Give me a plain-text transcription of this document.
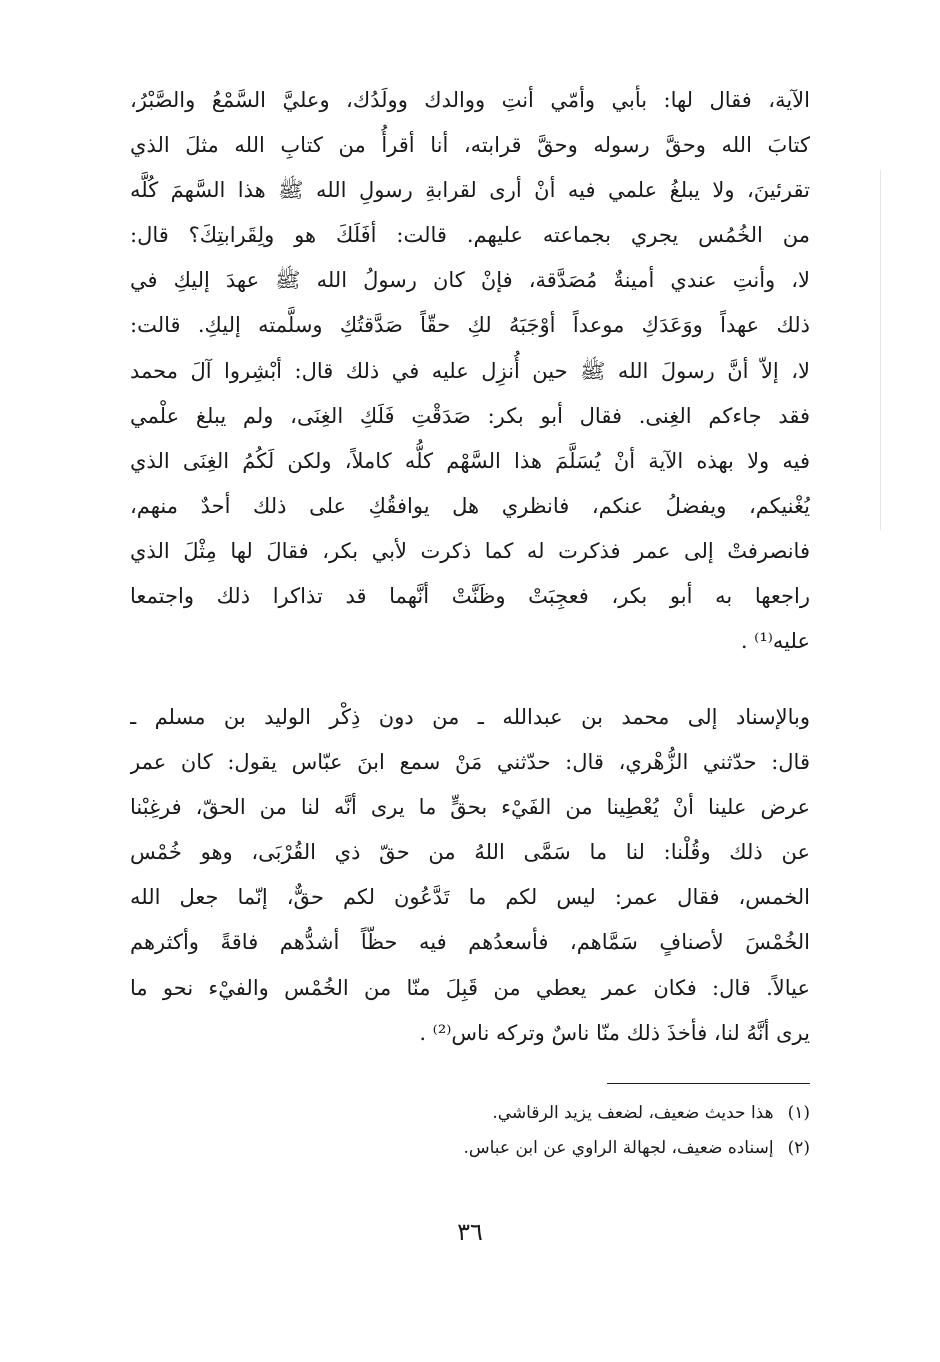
الآية، فقال لها: بأبي وأمّي أنتِ ووالدك وولَدُك، وعليَّ السَّمْعُ والصَّبْرُ،
كتابَ الله وحقَّ رسوله وحقَّ قرابته، أنا أقرأُ من كتابِ الله مثلَ الذي
تقرئينَ، ولا يبلغُ علمي فيه أنْ أرى لقرابةِ رسولِ الله ﷺ هذا السَّهمَ كُلَّه
من الخُمُس يجري بجماعته عليهم. قالت: أفَلَكَ هو ولِقَرابتِكَ؟ قال:
لا، وأنتِ عندي أمينةٌ مُصَدَّقة، فإنْ كان رسولُ الله ﷺ عهدَ إليكِ في
ذلك عهداً ووَعَدَكِ موعداً أوْجَبَهُ لكِ حقّاً صَدَّقتُكِ وسلَّمته إليكِ. قالت:
لا، إلاّ أنَّ رسولَ الله ﷺ حين أُنزِل عليه في ذلك قال: أبْشِروا آلَ محمد
فقد جاءكم الغِنى. فقال أبو بكر: صَدَقْتِ فَلَكِ الغِنَى، ولم يبلغ علْمي
فيه ولا بهذه الآية أنْ يُسَلَّمَ هذا السَّهْم كلُّه كاملاً، ولكن لَكُمُ الغِنَى الذي
يُغْنيكم، ويفضلُ عنكم، فانظري هل يوافقُكِ على ذلك أحدٌ منهم،
فانصرفتْ إلى عمر فذكرت له كما ذكرت لأبي بكر، فقالَ لها مِثْلَ الذي
راجعها به أبو بكر، فعجِبَتْ وظَنَّتْ أنَّهما قد تذاكرا ذلك واجتمعا
عليه⁽¹⁾ .
وبالإسناد إلى محمد بن عبدالله ـ من دون ذِكْر الوليد بن مسلم ـ
قال: حدّثني الزُّهْري، قال: حدّثني مَنْ سمع ابنَ عبّاس يقول: كان عمر
عرض علينا أنْ يُعْطِينا من الفَيْء بحقٍّ ما يرى أنَّه لنا من الحقّ، فرغِبْنا
عن ذلك وقُلْنا: لنا ما سَمَّى اللهُ من حقّ ذي القُرْبَى، وهو خُمْس
الخمس، فقال عمر: ليس لكم ما تَدَّعُون لكم حقٌّ، إنّما جعل الله
الخُمْسَ لأصنافٍ سَمَّاهم، فأسعدُهم فيه حظّاً أشدُّهم فاقةً وأكثرهم
عيالاً. قال: فكان عمر يعطي من قَبِلَ منّا من الخُمْس والفيْء نحو ما
يرى أنَّهُ لنا، فأخذَ ذلك منّا ناسٌ وتركه ناس⁽²⁾ .
(١)هذا حديث ضعيف، لضعف يزيد الرقاشي.
(٢)إسناده ضعيف، لجهالة الراوي عن ابن عباس.
٣٦
